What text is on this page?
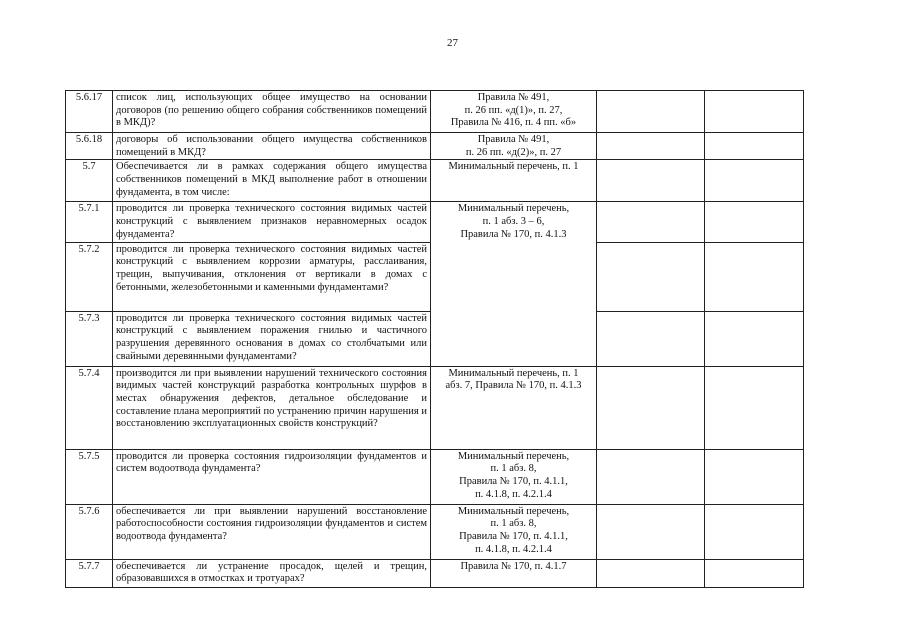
27
5.6.17	список лиц, использующих общее имущество на основании договоров (по решению общего собрания собственников помещений в МКД)?	Правила № 491,
п. 26 пп. «д(1)», п. 27,
Правила № 416, п. 4 пп. «б»		

5.6.18	договоры об использовании общего имущества собственников помещений в МКД?	Правила № 491,
п. 26 пп. «д(2)», п. 27		

5.7	Обеспечивается ли в рамках содержания общего имущества собственников помещений в МКД выполнение работ в отношении фундамента, в том числе:	Минимальный перечень, п. 1		

5.7.1	проводится ли проверка технического состояния видимых частей конструкций с выявлением признаков неравномерных осадок фундамента?	Минимальный перечень,
п. 1 абз. 3 – 6,
Правила № 170, п. 4.1.3		

5.7.2	проводится ли проверка технического состояния видимых частей конструкций с выявлением коррозии арматуры, расслаивания, трещин, выпучивания, отклонения от вертикали в домах с бетонными, железобетонными и каменными фундаментами?			
5.7.3	проводится ли проверка технического состояния видимых частей конструкций с выявлением поражения гнилью и частичного разрушения деревянного основания в домах со столбчатыми или свайными деревянными фундаментами?			
5.7.4	производится ли при выявлении нарушений технического состояния видимых частей конструкций разработка контрольных шурфов в местах обнаружения дефектов, детальное обследование и составление плана мероприятий по устранению причин нарушения и восстановлению эксплуатационных свойств конструкций?	Минимальный перечень, п. 1
абз. 7, Правила № 170, п. 4.1.3		

5.7.5	проводится ли проверка состояния гидроизоляции фундаментов и систем водоотвода фундамента?	Минимальный перечень,
п. 1 абз. 8,
Правила № 170, п. 4.1.1,
п. 4.1.8, п. 4.2.1.4		

5.7.6	обеспечивается ли при выявлении нарушений восстановление работоспособности состояния гидроизоляции фундаментов и систем водоотвода фундамента?	Минимальный перечень,
п. 1 абз. 8,
Правила № 170, п. 4.1.1,
п. 4.1.8, п. 4.2.1.4		

5.7.7	обеспечивается ли устранение просадок, щелей и трещин, образовавшихся в отмостках и тротуарах?	Правила № 170, п. 4.1.7		
